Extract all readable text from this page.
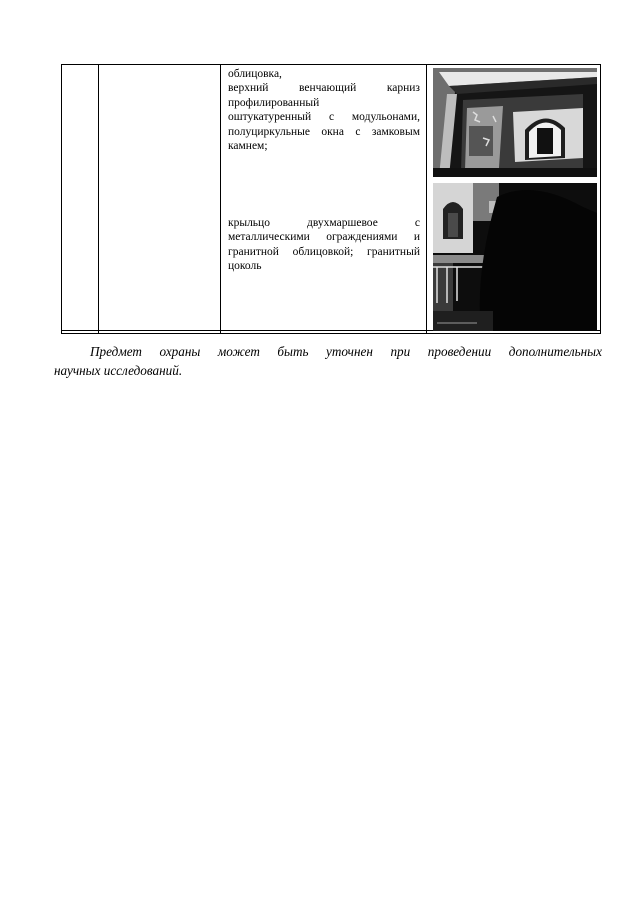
облицовка,
верхний	венчающий	карниз
профилированный
оштукатуренный с модульонами,
полуциркульные окна с замковым
камнем;
крыльцо	двухмаршевое	с
металлическими ограждениями и
гранитной облицовкой; гранитный
цоколь
Предмет охраны может быть уточнен при проведении дополнительных
научных исследований.
